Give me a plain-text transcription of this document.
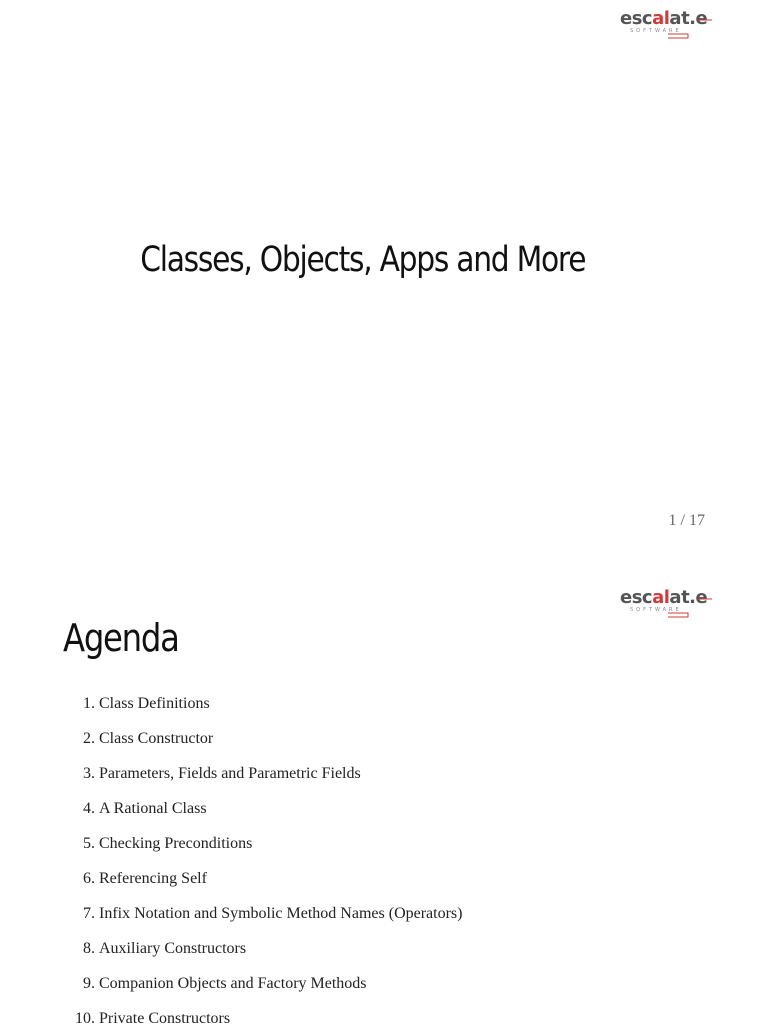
escalat.e
SOFTWARE
Classes, Objects, Apps and More
1 / 17
escalat.e
SOFTWARE
Agenda
1.
Class Definitions
2.
Class Constructor
3.
Parameters, Fields and Parametric Fields
4.
A Rational Class
5.
Checking Preconditions
6.
Referencing Self
7.
Infix Notation and Symbolic Method Names (Operators)
8.
Auxiliary Constructors
9.
Companion Objects and Factory Methods
10.
Private Constructors
